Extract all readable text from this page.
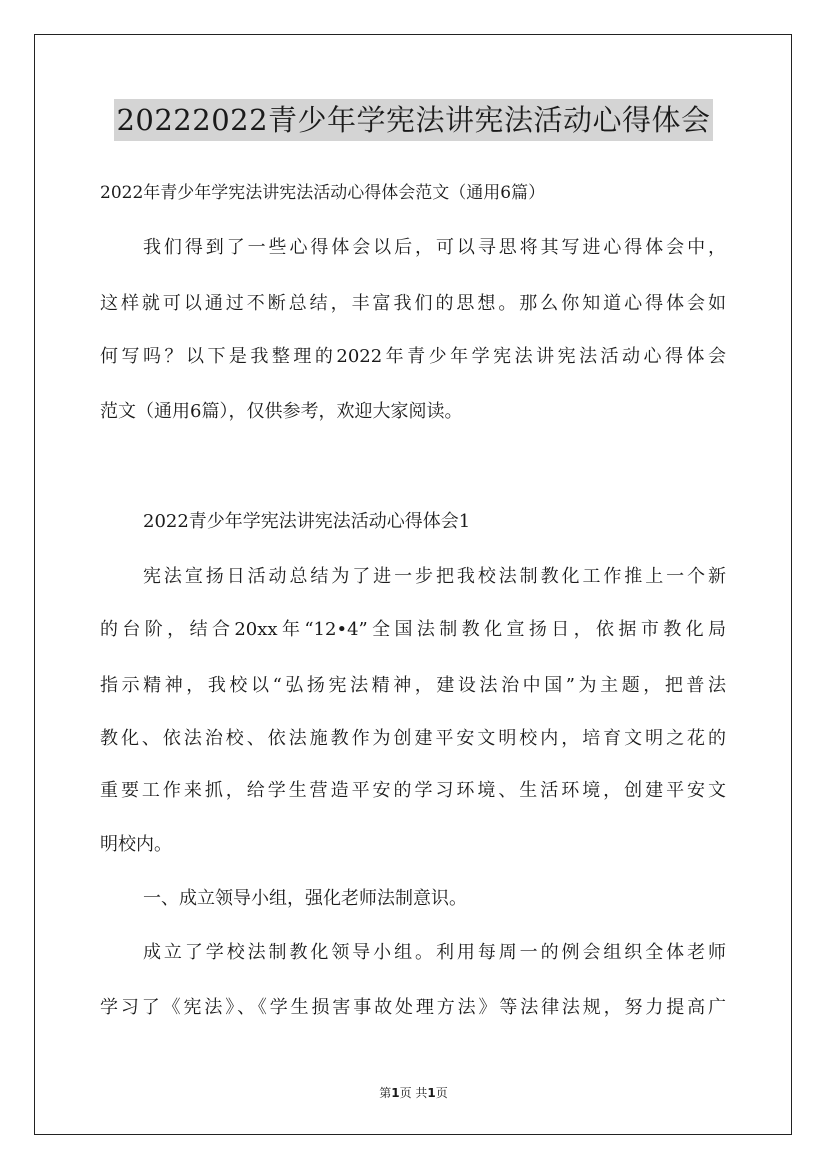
20222022青少年学宪法讲宪法活动心得体会
2022年青少年学宪法讲宪法活动心得体会范文（通用6篇）
我们得到了一些心得体会以后，可以寻思将其写进心得体会中，
这样就可以通过不断总结，丰富我们的思想。那么你知道心得体会如
何写吗？以下是我整理的2022年青少年学宪法讲宪法活动心得体会
范文（通用6篇），仅供参考，欢迎大家阅读。
2022青少年学宪法讲宪法活动心得体会1
宪法宣扬日活动总结为了进一步把我校法制教化工作推上一个新
的台阶，结合20xx年“12•4”全国法制教化宣扬日，依据市教化局
指示精神，我校以“弘扬宪法精神，建设法治中国”为主题，把普法
教化、依法治校、依法施教作为创建平安文明校内，培育文明之花的
重要工作来抓，给学生营造平安的学习环境、生活环境，创建平安文
明校内。
一、成立领导小组，强化老师法制意识。
成立了学校法制教化领导小组。利用每周一的例会组织全体老师
学习了《宪法》、《学生损害事故处理方法》等法律法规，努力提高广
第1页 共1页
